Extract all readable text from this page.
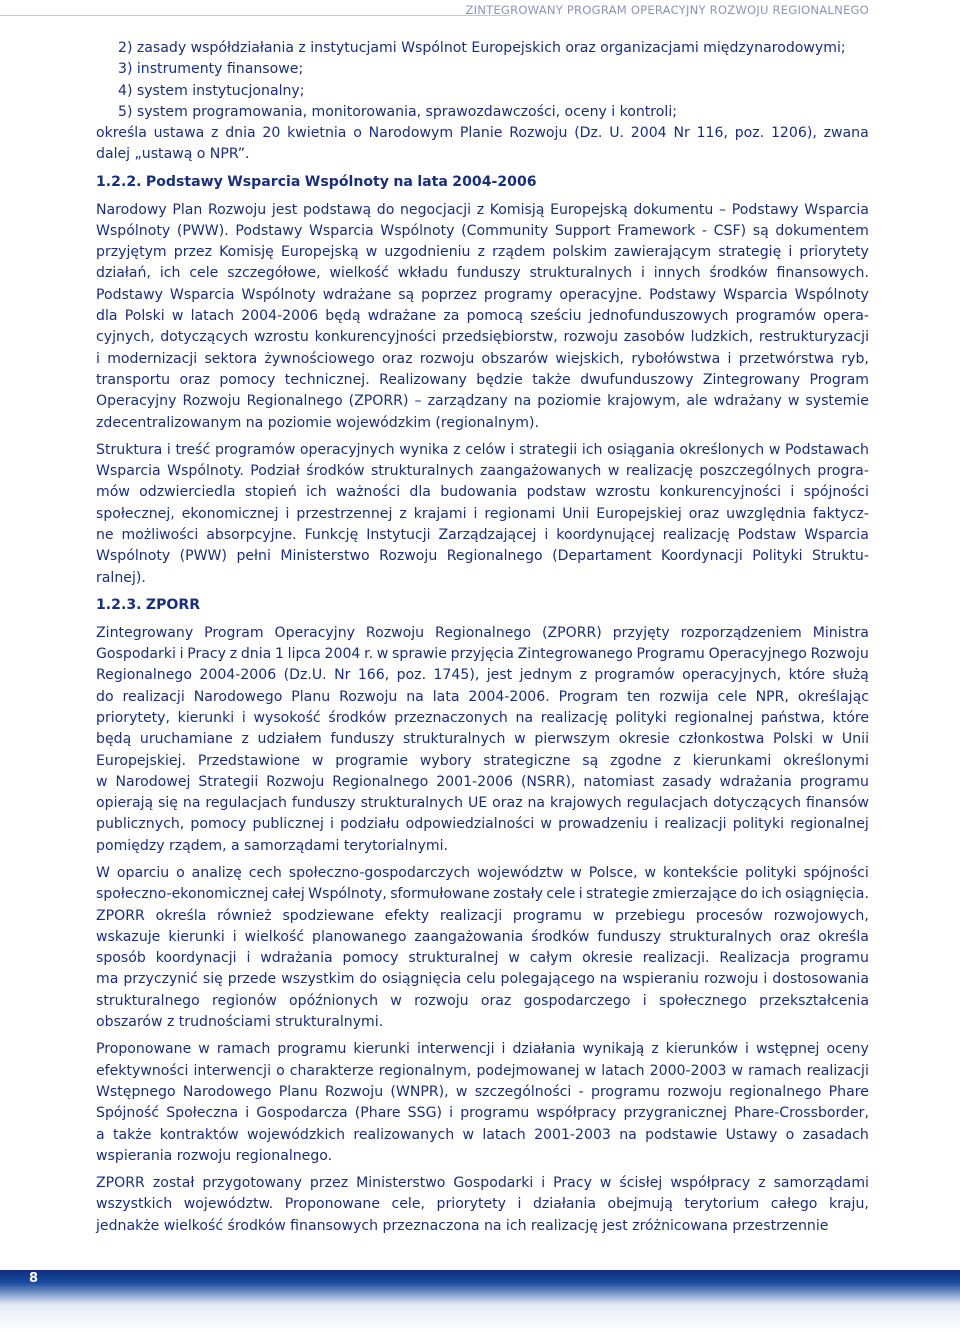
ZINTEGROWANY PROGRAM OPERACYJNY ROZWOJU REGIONALNEGO
2) zasady współdziałania z instytucjami Wspólnot Europejskich oraz organizacjami międzynarodowymi;
3) instrumenty finansowe;
4) system instytucjonalny;
5) system programowania, monitorowania, sprawozdawczości, oceny i kontroli;
określa ustawa z dnia 20 kwietnia o Narodowym Planie Rozwoju (Dz. U. 2004 Nr 116, poz. 1206), zwana
dalej „ustawą o NPR”.
1.2.2. Podstawy Wsparcia Wspólnoty na lata 2004-2006
Narodowy Plan Rozwoju jest podstawą do negocjacji z Komisją Europejską dokumentu – Podstawy Wsparcia
Wspólnoty (PWW). Podstawy Wsparcia Wspólnoty (Community Support Framework - CSF) są dokumentem
przyjętym przez Komisję Europejską w uzgodnieniu z rządem polskim zawierającym strategię i priorytety
działań, ich cele szczegółowe, wielkość wkładu funduszy strukturalnych i innych środków finansowych.
Podstawy Wsparcia Wspólnoty wdrażane są poprzez programy operacyjne. Podstawy Wsparcia Wspólnoty
dla Polski w latach 2004-2006 będą wdrażane za pomocą sześciu jednofunduszowych programów opera-
cyjnych, dotyczących wzrostu konkurencyjności przedsiębiorstw, rozwoju zasobów ludzkich, restrukturyzacji
i modernizacji sektora żywnościowego oraz rozwoju obszarów wiejskich, rybołówstwa i przetwórstwa ryb,
transportu oraz pomocy technicznej. Realizowany będzie także dwufunduszowy Zintegrowany Program
Operacyjny Rozwoju Regionalnego (ZPORR) – zarządzany na poziomie krajowym, ale wdrażany w systemie
zdecentralizowanym na poziomie wojewódzkim (regionalnym).
Struktura i treść programów operacyjnych wynika z celów i strategii ich osiągania określonych w Podstawach
Wsparcia Wspólnoty. Podział środków strukturalnych zaangażowanych w realizację poszczególnych progra-
mów odzwierciedla stopień ich ważności dla budowania podstaw wzrostu konkurencyjności i spójności
społecznej, ekonomicznej i przestrzennej z krajami i regionami Unii Europejskiej oraz uwzględnia faktycz-
ne możliwości absorpcyjne. Funkcję Instytucji Zarządzającej i koordynującej realizację Podstaw Wsparcia
Wspólnoty (PWW) pełni Ministerstwo Rozwoju Regionalnego (Departament Koordynacji Polityki Struktu-
ralnej).
1.2.3. ZPORR
Zintegrowany Program Operacyjny Rozwoju Regionalnego (ZPORR) przyjęty rozporządzeniem Ministra
Gospodarki i Pracy z dnia 1 lipca 2004 r. w sprawie przyjęcia Zintegrowanego Programu Operacyjnego Rozwoju
Regionalnego 2004-2006 (Dz.U. Nr 166, poz. 1745), jest jednym z programów operacyjnych, które służą
do realizacji Narodowego Planu Rozwoju na lata 2004-2006. Program ten rozwija cele NPR, określając
priorytety, kierunki i wysokość środków przeznaczonych na realizację polityki regionalnej państwa, które
będą uruchamiane z udziałem funduszy strukturalnych w pierwszym okresie członkostwa Polski w Unii
Europejskiej. Przedstawione w programie wybory strategiczne są zgodne z kierunkami określonymi
w Narodowej Strategii Rozwoju Regionalnego 2001-2006 (NSRR), natomiast zasady wdrażania programu
opierają się na regulacjach funduszy strukturalnych UE oraz na krajowych regulacjach dotyczących finansów
publicznych, pomocy publicznej i podziału odpowiedzialności w prowadzeniu i realizacji polityki regionalnej
pomiędzy rządem, a samorządami terytorialnymi.
W oparciu o analizę cech społeczno-gospodarczych województw w Polsce, w kontekście polityki spójności
społeczno-ekonomicznej całej Wspólnoty, sformułowane zostały cele i strategie zmierzające do ich osiągnięcia.
ZPORR określa również spodziewane efekty realizacji programu w przebiegu procesów rozwojowych,
wskazuje kierunki i wielkość planowanego zaangażowania środków funduszy strukturalnych oraz określa
sposób koordynacji i wdrażania pomocy strukturalnej w całym okresie realizacji. Realizacja programu
ma przyczynić się przede wszystkim do osiągnięcia celu polegającego na wspieraniu rozwoju i dostosowania
strukturalnego regionów opóźnionych w rozwoju oraz gospodarczego i społecznego przekształcenia
obszarów z trudnościami strukturalnymi.
Proponowane w ramach programu kierunki interwencji i działania wynikają z kierunków i wstępnej oceny
efektywności interwencji o charakterze regionalnym, podejmowanej w latach 2000-2003 w ramach realizacji
Wstępnego Narodowego Planu Rozwoju (WNPR), w szczególności - programu rozwoju regionalnego Phare
Spójność Społeczna i Gospodarcza (Phare SSG) i programu współpracy przygranicznej Phare-Crossborder,
a także kontraktów wojewódzkich realizowanych w latach 2001-2003 na podstawie Ustawy o zasadach
wspierania rozwoju regionalnego.
ZPORR został przygotowany przez Ministerstwo Gospodarki i Pracy w ścisłej współpracy z samorządami
wszystkich województw. Proponowane cele, priorytety i działania obejmują terytorium całego kraju,
jednakże wielkość środków finansowych przeznaczona na ich realizację jest zróżnicowana przestrzennie
8
